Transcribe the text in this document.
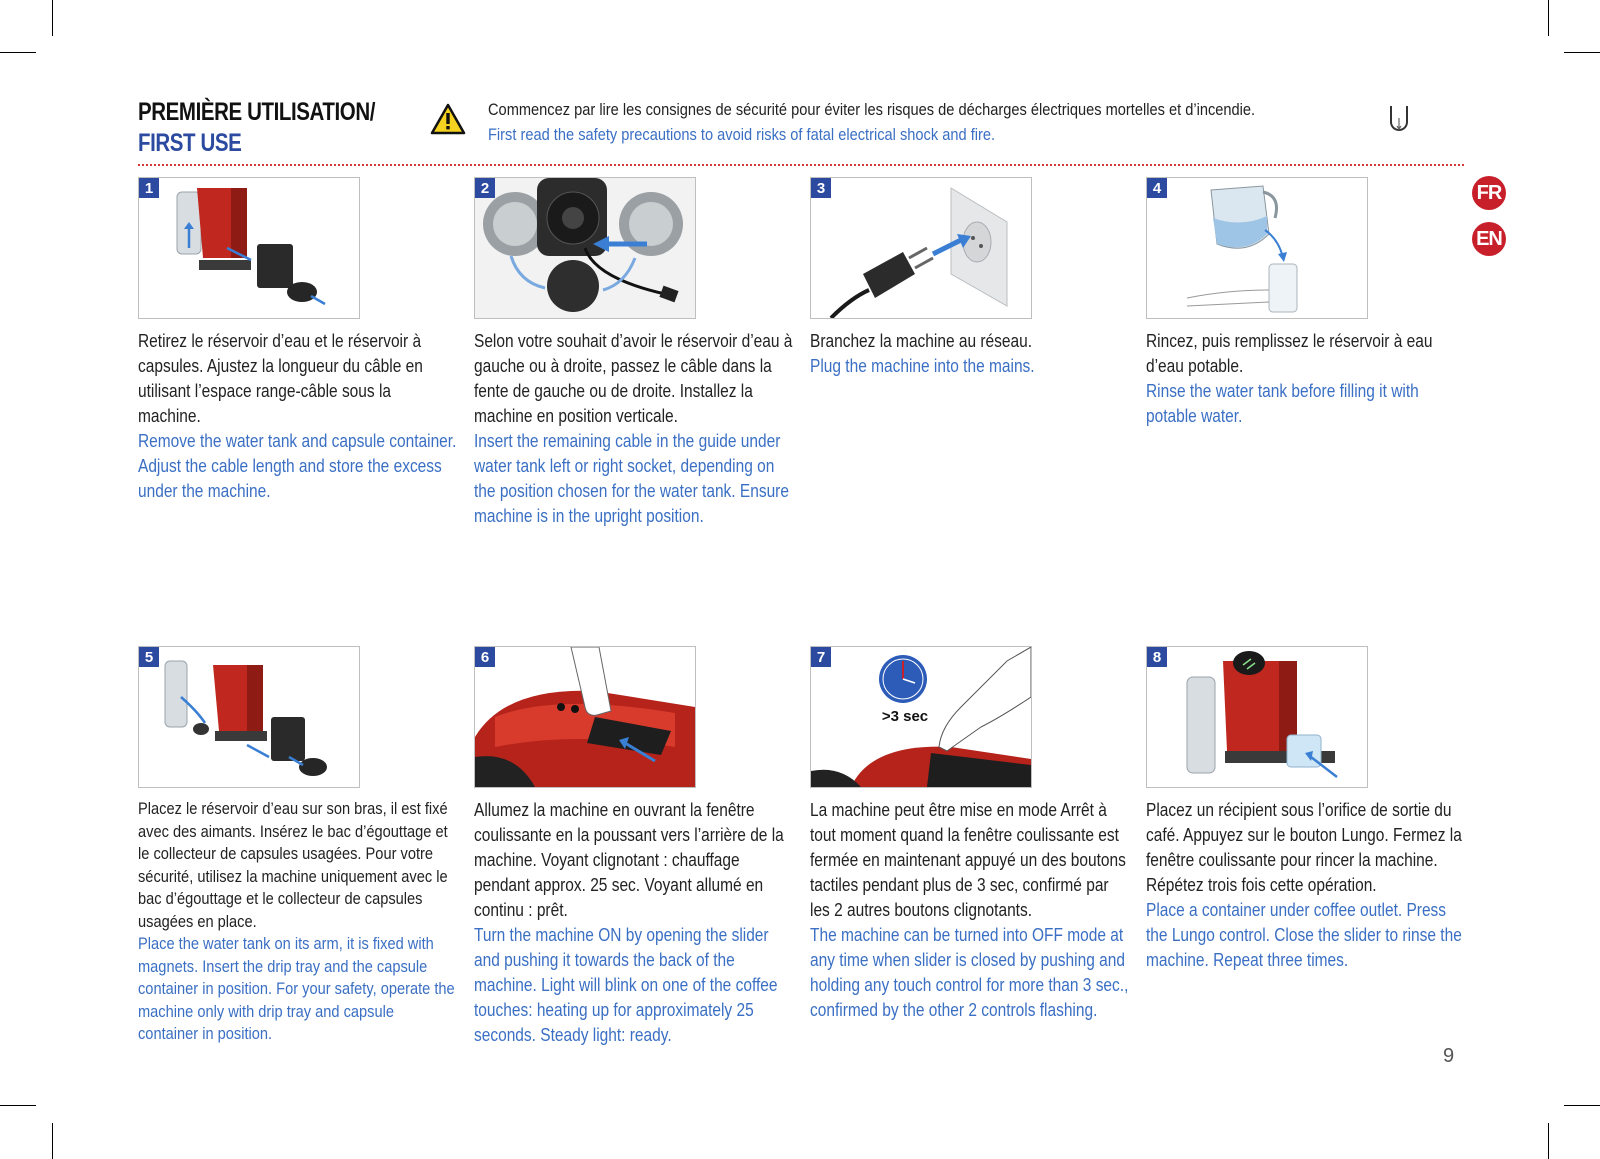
PREMIÈRE UTILISATION/
FIRST USE
Commencez par lire les consignes de sécurité pour éviter les risques de décharges électriques mortelles et d’incendie.
First read the safety precautions to avoid risks of fatal electrical shock and fire.
FR
EN
1

Retirez le réservoir d’eau et le réservoir à capsules. Ajustez la longueur du câble en utilisant l’espace range-câble sous la machine.

Remove the water tank and capsule container. Adjust the cable length and store the excess under the machine.

2

Selon votre souhait d’avoir le réservoir d’eau à gauche ou à droite, passez le câble dans la fente de gauche ou de droite. Installez la machine en position verticale.

Insert the remaining cable in the guide under water tank left or right socket, depending on the position chosen for the water tank. Ensure machine is in the upright position.

3

Branchez la machine au réseau.

Plug the machine into the mains.

4

Rincez, puis remplissez le réservoir à eau d’eau potable.

Rinse the water tank before filling it with potable water.

5

Placez le réservoir d’eau sur son bras, il est fixé avec des aimants. Insérez le bac d’égouttage et le collecteur de capsules usagées. Pour votre sécurité, utilisez la machine uniquement avec le bac d’égouttage et le collecteur de capsules usagées en place.

Place the water tank on its arm, it is fixed with magnets. Insert the drip tray and the capsule container in position. For your safety, operate the machine only with drip tray and capsule container in position.

6

Allumez la machine en ouvrant la fenêtre coulissante en la poussant vers l’arrière de la machine. Voyant clignotant : chauffage pendant approx. 25 sec. Voyant allumé en continu : prêt.

Turn the machine ON by opening the slider and pushing it towards the back of the machine. Light will blink on one of the coffee touches: heating up for approximately 25 seconds. Steady light: ready.

7
>3 sec

La machine peut être mise en mode Arrêt à tout moment quand la fenêtre coulissante est fermée en maintenant appuyé un des boutons tactiles pendant plus de 3 sec, confirmé par les 2 autres boutons clignotants.

The machine can be turned into OFF mode at any time when slider is closed by pushing and holding any touch control for more than 3 sec., confirmed by the other 2 controls flashing.

8

Placez un récipient sous l’orifice de sortie du café. Appuyez sur le bouton Lungo. Fermez la fenêtre coulissante pour rincer la machine. Répétez trois fois cette opération.

Place a container under coffee outlet. Press the Lungo control. Close the slider to rinse the machine. Repeat three times.

9
